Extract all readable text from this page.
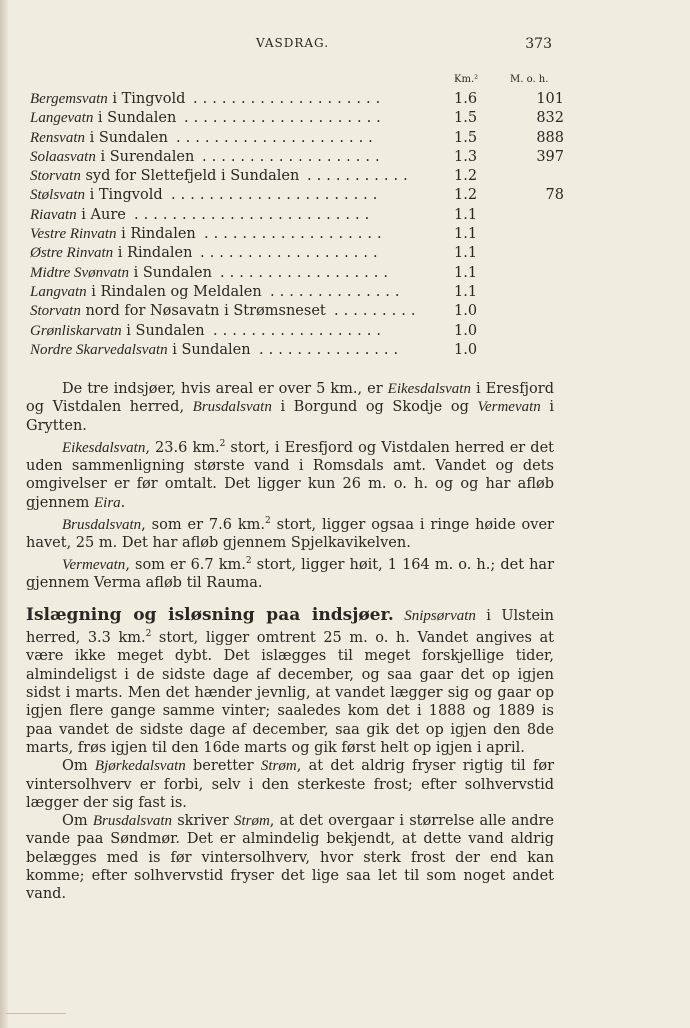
VASDRAG.	373
Km.²	M. o. h.
Bergemsvatn i Tingvold ....................	1.6	101
Langevatn i Sundalen .....................	1.5	832
Rensvatn i Sundalen .....................	1.5	888
Solaasvatn i Surendalen ...................	1.3	397
Storvatn syd for Slettefjeld i Sundalen ...........	1.2
Stølsvatn i Tingvold ......................	1.2	78
Riavatn i Aure .........................	1.1
Vestre Rinvatn i Rindalen ...................	1.1
Østre Rinvatn i Rindalen ...................	1.1
Midtre Svønvatn i Sundalen ..................	1.1
Langvatn i Rindalen og Meldalen ..............	1.1
Storvatn nord for Nøsavatn i Strømsneset ......... 1.0
Grønliskarvatn i Sundalen ..................	1.0
Nordre Skarvedalsvatn i Sundalen ...............	1.0

De tre indsjøer, hvis areal er over 5 km., er Eikesdalsvatn i Eresfjord og Vistdalen herred, Brusdalsvatn i Borgund og Skodje og Vermevatn i Grytten.

Eikesdalsvatn, 23.6 km.$^2$ stort, i Eresfjord og Vistdalen herred er det uden sammenligning største vand i Romsdals amt. Vandet og dets omgivelser er før omtalt. Det ligger kun 26 m. o. h. og og har afløb gjennem Eira.

Brusdalsvatn, som er 7.6 km.$^2$ stort, ligger ogsaa i ringe høide over havet, 25 m. Det har afløb gjennem Spjelkavikelven.

Vermevatn, som er 6.7 km.$^2$ stort, ligger høit, 1 164 m. o. h.; det har gjennem Verma afløb til Rauma.

Islægning og isløsning paa indsjøer. Snipsørvatn i Ulstein herred, 3.3 km.$^2$ stort, ligger omtrent 25 m. o. h. Vandet angives at være ikke meget dybt. Det islægges til meget forskjellige tider, almindeligst i de sidste dage af december, og saa gaar det op igjen sidst i marts. Men det hænder jevnlig, at vandet lægger sig og gaar op igjen flere gange samme vinter; saaledes kom det i 1888 og 1889 is paa vandet de sidste dage af december, saa gik det op igjen den 8de marts, frøs igjen til den 16de marts og gik først helt op igjen i april.

Om Bjørkedalsvatn beretter Strøm, at det aldrig fryser rigtig til før vintersolhverv er forbi, selv i den sterkeste frost; efter solhvervstid lægger der sig fast is.

Om Brusdalsvatn skriver Strøm, at det overgaar i størrelse alle andre vande paa Søndmør. Det er almindelig bekjendt, at dette vand aldrig belægges med is før vintersolhverv, hvor sterk frost der end kan komme; efter solhvervstid fryser det lige saa let til som noget andet vand.
